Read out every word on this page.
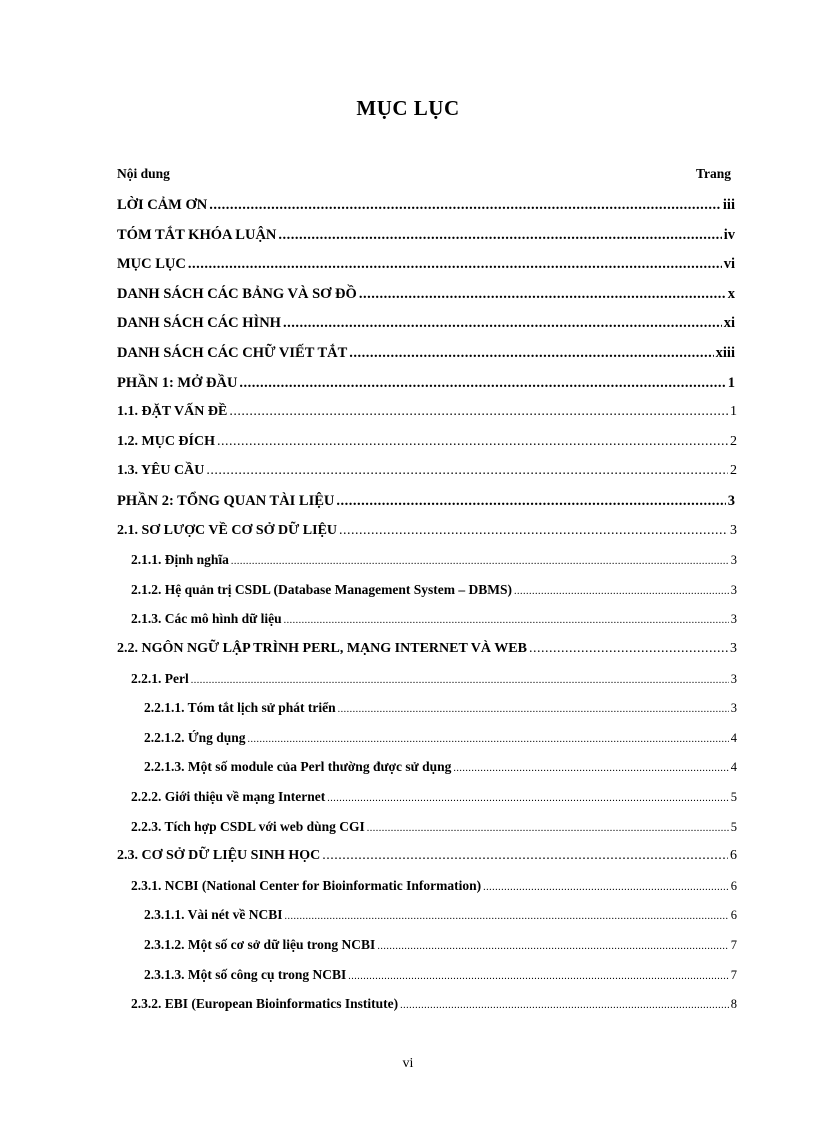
MỤC LỤC
Nội dung	Trang
LỜI CẢM ƠN .....	iii
TÓM TẮT KHÓA LUẬN .....	iv
MỤC LỤC .....	vi
DANH SÁCH CÁC BẢNG VÀ SƠ ĐỒ .....	x
DANH SÁCH CÁC HÌNH .....	xi
DANH SÁCH CÁC CHỮ VIẾT TẮT .....	xiii
PHẦN 1: MỞ ĐẦU .....	1
1.1. ĐẶT VẤN ĐỀ .....	1
1.2. MỤC ĐÍCH .....	2
1.3. YÊU CẦU .....	2
PHẦN 2: TỔNG QUAN TÀI LIỆU .....	3
2.1. SƠ LƯỢC VỀ CƠ SỞ DỮ LIỆU .....	3
2.1.1. Định nghĩa .....	3
2.1.2. Hệ quản trị CSDL (Database Management System – DBMS) .....	3
2.1.3. Các mô hình dữ liệu .....	3
2.2. NGÔN NGỮ LẬP TRÌNH PERL, MẠNG INTERNET VÀ WEB .....	3
2.2.1. Perl .....	3
2.2.1.1. Tóm tắt lịch sử phát triển .....	3
2.2.1.2. Ứng dụng .....	4
2.2.1.3. Một số module của Perl thường được sử dụng .....	4
2.2.2. Giới thiệu về mạng Internet .....	5
2.2.3. Tích hợp CSDL với web dùng CGI .....	5
2.3. CƠ SỞ DỮ LIỆU SINH HỌC .....	6
2.3.1. NCBI (National Center for Bioinformatic Information) .....	6
2.3.1.1. Vài nét về NCBI .....	6
2.3.1.2. Một số cơ sở dữ liệu trong NCBI .....	7
2.3.1.3. Một số công cụ trong NCBI .....	7
2.3.2. EBI (European Bioinformatics Institute) .....	8
vi
